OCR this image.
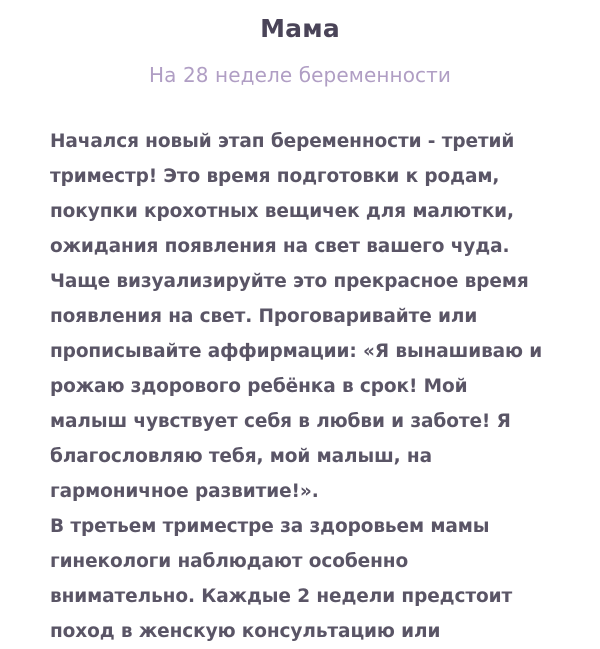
Мама
На 28 неделе беременности

Начался новый этап беременности - третий триместр! Это время подготовки к родам, покупки крохотных вещичек для малютки, ожидания появления на свет вашего чуда. Чаще визуализируйте это прекрасное время появления на свет. Проговаривайте или прописывайте аффирмации: «Я вынашиваю и рожаю здорового ребёнка в срок! Мой малыш чувствует себя в любви и заботе! Я благословляю тебя, мой малыш, на гармоничное развитие!».

В третьем триместре за здоровьем мамы гинекологи наблюдают особенно внимательно. Каждые 2 недели предстоит поход в женскую консультацию или
